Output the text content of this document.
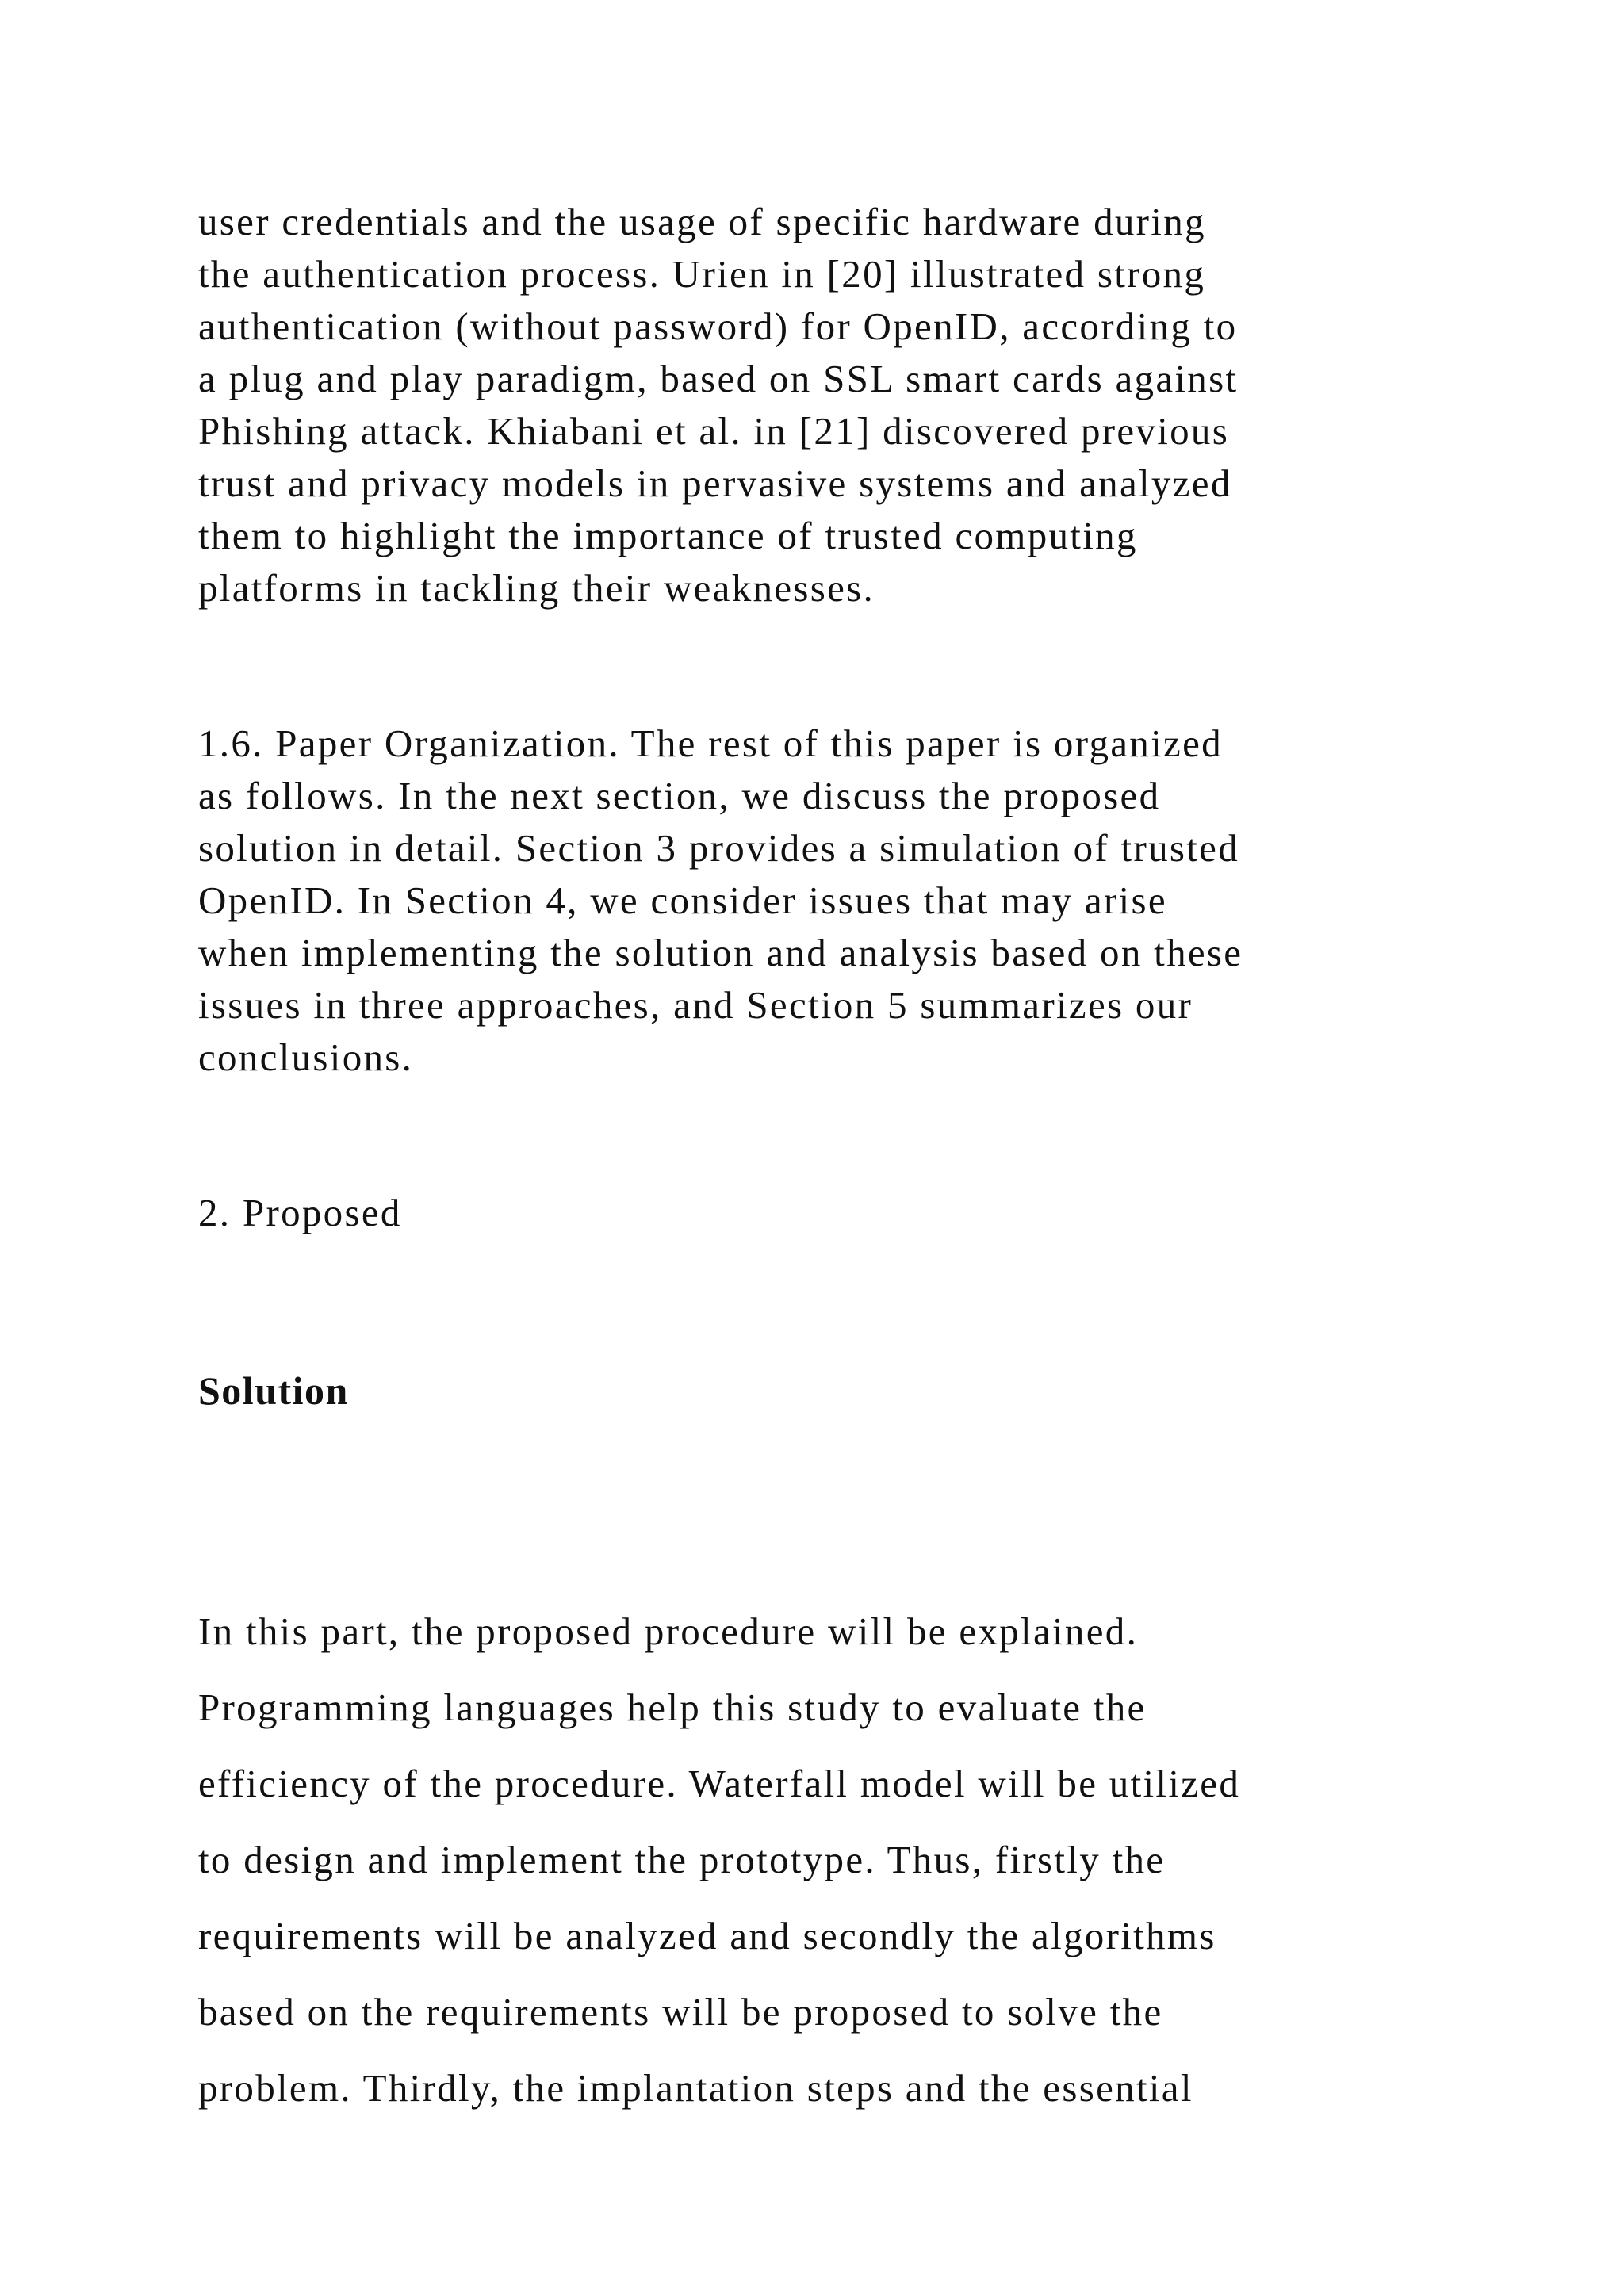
user credentials and the usage of specific hardware during

the authentication process. Urien in [20] illustrated strong

authentication (without password) for OpenID, according to

a plug and play paradigm, based on SSL smart cards against

Phishing attack. Khiabani et al. in [21] discovered previous

trust and privacy models in pervasive systems and analyzed

them to highlight the importance of trusted computing

platforms in tackling their weaknesses.

1.6. Paper Organization. The rest of this paper is organized

as follows. In the next section, we discuss the proposed

solution in detail. Section 3 provides a simulation of trusted

OpenID. In Section 4, we consider issues that may arise

when implementing the solution and analysis based on these

issues in three approaches, and Section 5 summarizes our

conclusions.

2. Proposed

Solution

In this part, the proposed procedure will be explained.

Programming languages help this study to evaluate the

efficiency of the procedure. Waterfall model will be utilized

to design and implement the prototype. Thus, firstly the

requirements will be analyzed and secondly the algorithms

based on the requirements will be proposed to solve the

problem. Thirdly, the implantation steps and the essential
